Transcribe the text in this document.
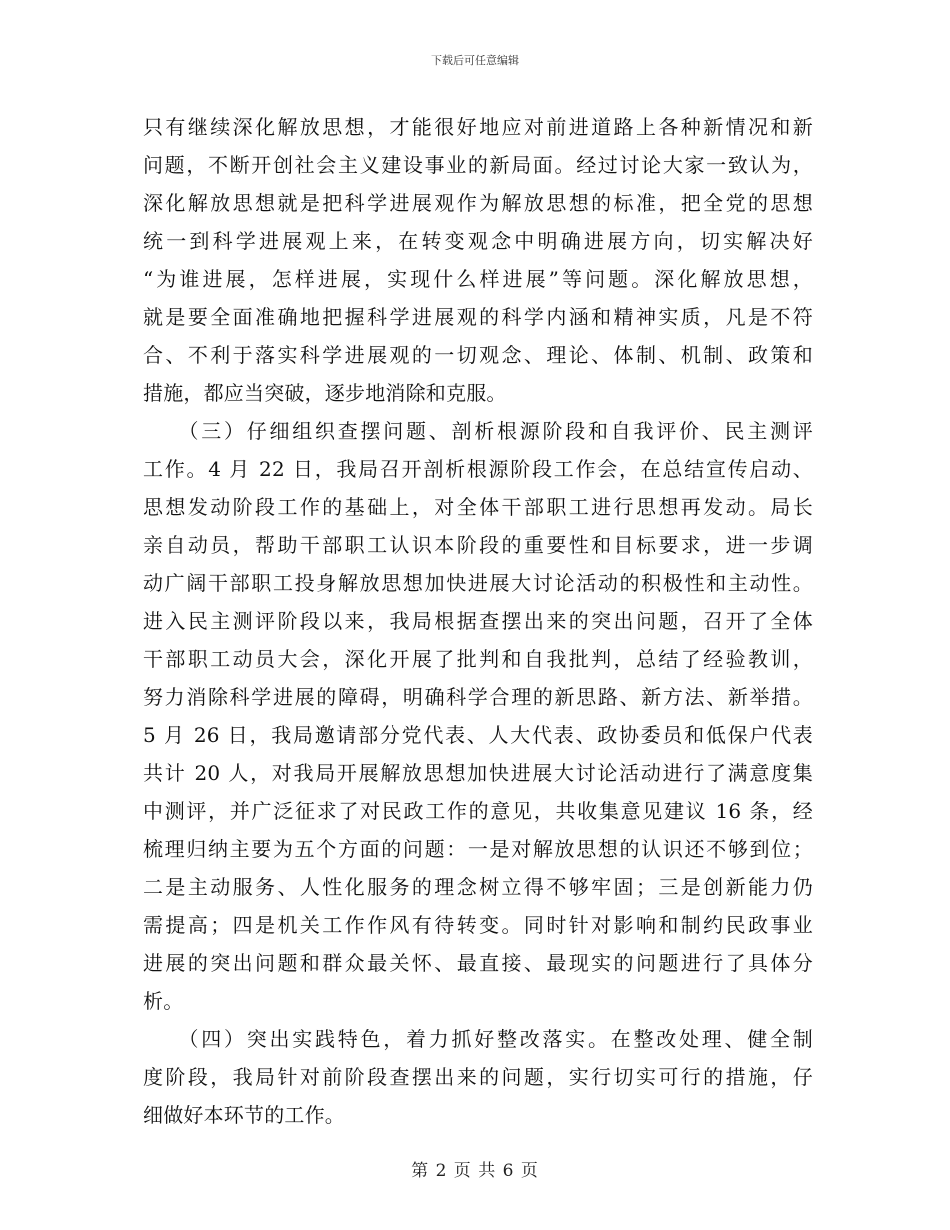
下载后可任意编辑
只有继续深化解放思想，才能很好地应对前进道路上各种新情况和新
问题，不断开创社会主义建设事业的新局面。经过讨论大家一致认为，
深化解放思想就是把科学进展观作为解放思想的标准，把全党的思想
统一到科学进展观上来，在转变观念中明确进展方向，切实解决好
“为谁进展，怎样进展，实现什么样进展”等问题。深化解放思想，
就是要全面准确地把握科学进展观的科学内涵和精神实质，凡是不符
合、不利于落实科学进展观的一切观念、理论、体制、机制、政策和
措施，都应当突破，逐步地消除和克服。
　　（三）仔细组织查摆问题、剖析根源阶段和自我评价、民主测评
工作。4 月 22 日，我局召开剖析根源阶段工作会，在总结宣传启动、
思想发动阶段工作的基础上，对全体干部职工进行思想再发动。局长
亲自动员，帮助干部职工认识本阶段的重要性和目标要求，进一步调
动广阔干部职工投身解放思想加快进展大讨论活动的积极性和主动性。
进入民主测评阶段以来，我局根据查摆出来的突出问题，召开了全体
干部职工动员大会，深化开展了批判和自我批判，总结了经验教训，
努力消除科学进展的障碍，明确科学合理的新思路、新方法、新举措。
5 月 26 日，我局邀请部分党代表、人大代表、政协委员和低保户代表
共计 20 人，对我局开展解放思想加快进展大讨论活动进行了满意度集
中测评，并广泛征求了对民政工作的意见，共收集意见建议 16 条，经
梳理归纳主要为五个方面的问题：一是对解放思想的认识还不够到位；
二是主动服务、人性化服务的理念树立得不够牢固；三是创新能力仍
需提高；四是机关工作作风有待转变。同时针对影响和制约民政事业
进展的突出问题和群众最关怀、最直接、最现实的问题进行了具体分
析。
　　（四）突出实践特色，着力抓好整改落实。在整改处理、健全制
度阶段，我局针对前阶段查摆出来的问题，实行切实可行的措施，仔
细做好本环节的工作。
第 2 页 共 6 页
